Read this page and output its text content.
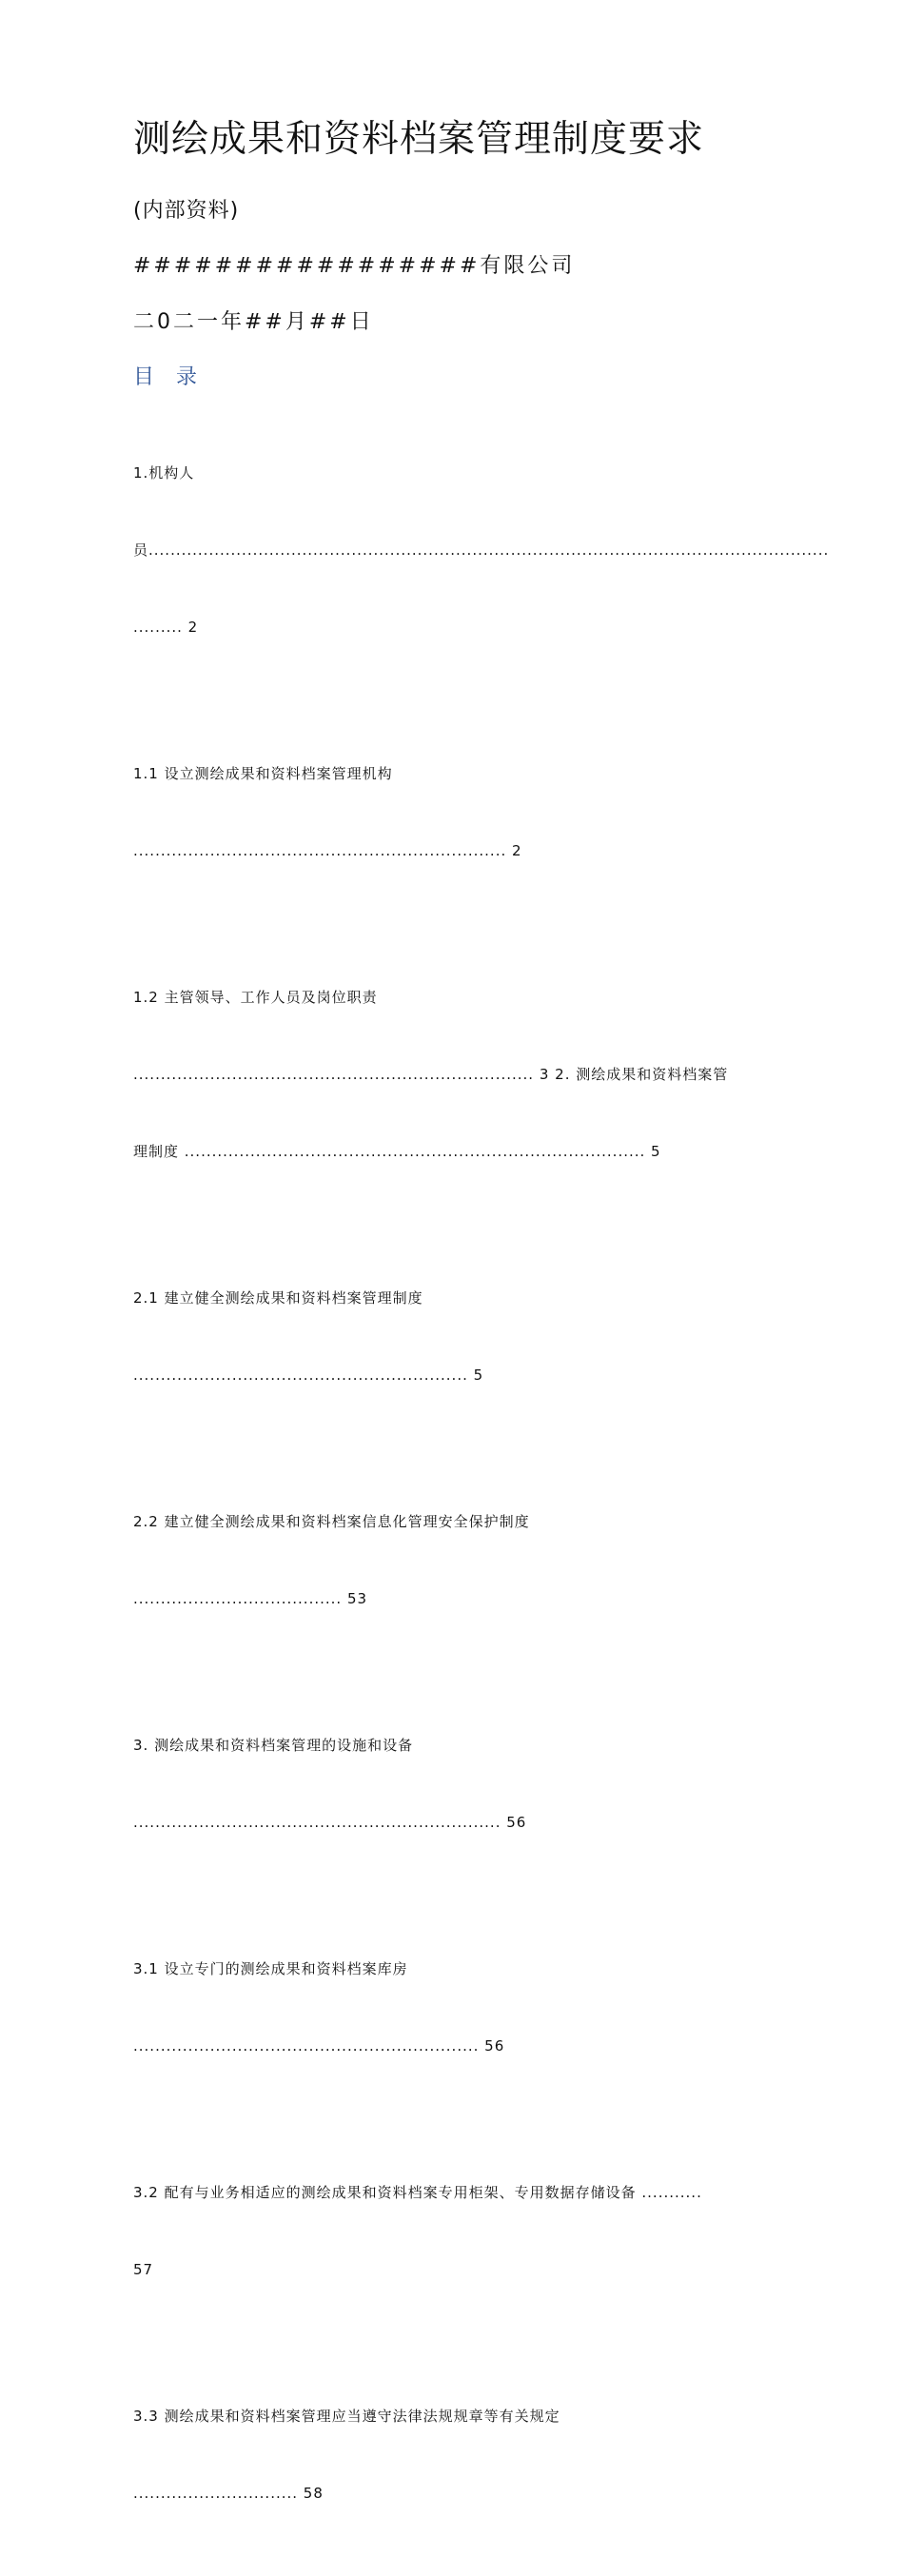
测绘成果和资料档案管理制度要求
(内部资料)
#################有限公司
二0二一年##月##日
目 录

1.机构人

员............................................................................................................................

......... 2

1.1 设立测绘成果和资料档案管理机构

.................................................................... 2

1.2 主管领导、工作人员及岗位职责

......................................................................... 3 2. 测绘成果和资料档案管

理制度 .................................................................................... 5

2.1 建立健全测绘成果和资料档案管理制度

............................................................. 5

2.2 建立健全测绘成果和资料档案信息化管理安全保护制度

...................................... 53

3. 测绘成果和资料档案管理的设施和设备

................................................................... 56

3.1 设立专门的测绘成果和资料档案库房

............................................................... 56

3.2 配有与业务相适应的测绘成果和资料档案专用柜架、专用数据存储设备 ...........

57

3.3 测绘成果和资料档案管理应当遵守法律法规规章等有关规定

.............................. 58
